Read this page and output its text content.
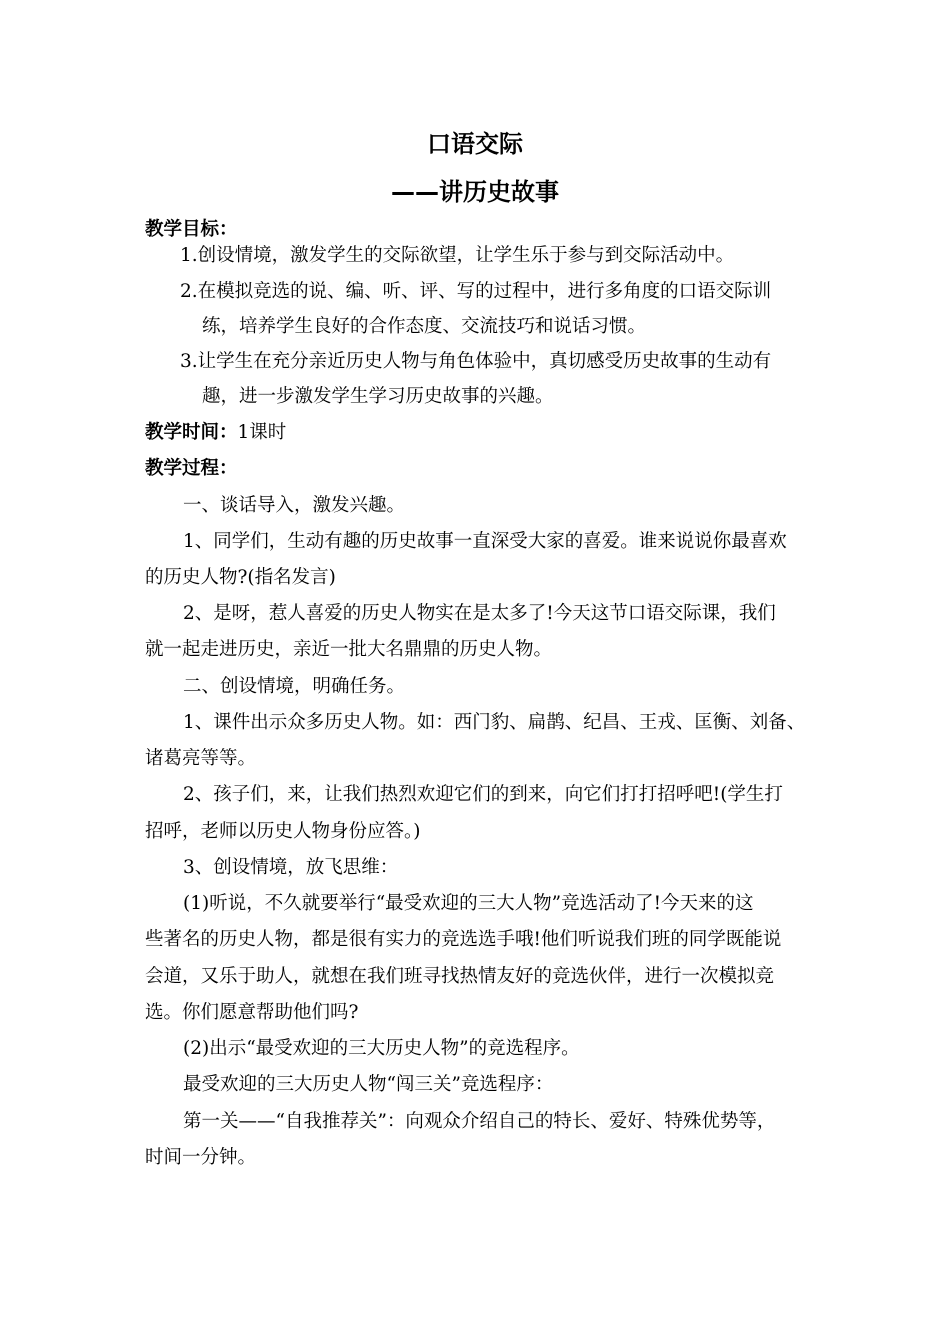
口语交际
——讲历史故事
教学目标：
1.创设情境，激发学生的交际欲望，让学生乐于参与到交际活动中。
2.在模拟竞选的说、编、听、评、写的过程中，进行多角度的口语交际训
练，培养学生良好的合作态度、交流技巧和说话习惯。
3.让学生在充分亲近历史人物与角色体验中，真切感受历史故事的生动有
趣，进一步激发学生学习历史故事的兴趣。
教学时间：1课时
教学过程：
一、谈话导入，激发兴趣。
1、同学们，生动有趣的历史故事一直深受大家的喜爱。谁来说说你最喜欢
的历史人物?(指名发言)
2、是呀，惹人喜爱的历史人物实在是太多了!今天这节口语交际课，我们
就一起走进历史，亲近一批大名鼎鼎的历史人物。
二、创设情境，明确任务。
1、课件出示众多历史人物。如：西门豹、扁鹊、纪昌、王戎、匡衡、刘备、
诸葛亮等等。
2、孩子们，来，让我们热烈欢迎它们的到来，向它们打打招呼吧!(学生打
招呼，老师以历史人物身份应答。)
3、创设情境，放飞思维：
(1)听说，不久就要举行“最受欢迎的三大人物”竞选活动了!今天来的这
些著名的历史人物，都是很有实力的竞选选手哦!他们听说我们班的同学既能说
会道，又乐于助人，就想在我们班寻找热情友好的竞选伙伴，进行一次模拟竞
选。你们愿意帮助他们吗?
(2)出示“最受欢迎的三大历史人物”的竞选程序。
最受欢迎的三大历史人物“闯三关”竞选程序：
第一关——“自我推荐关”：向观众介绍自己的特长、爱好、特殊优势等，
时间一分钟。
